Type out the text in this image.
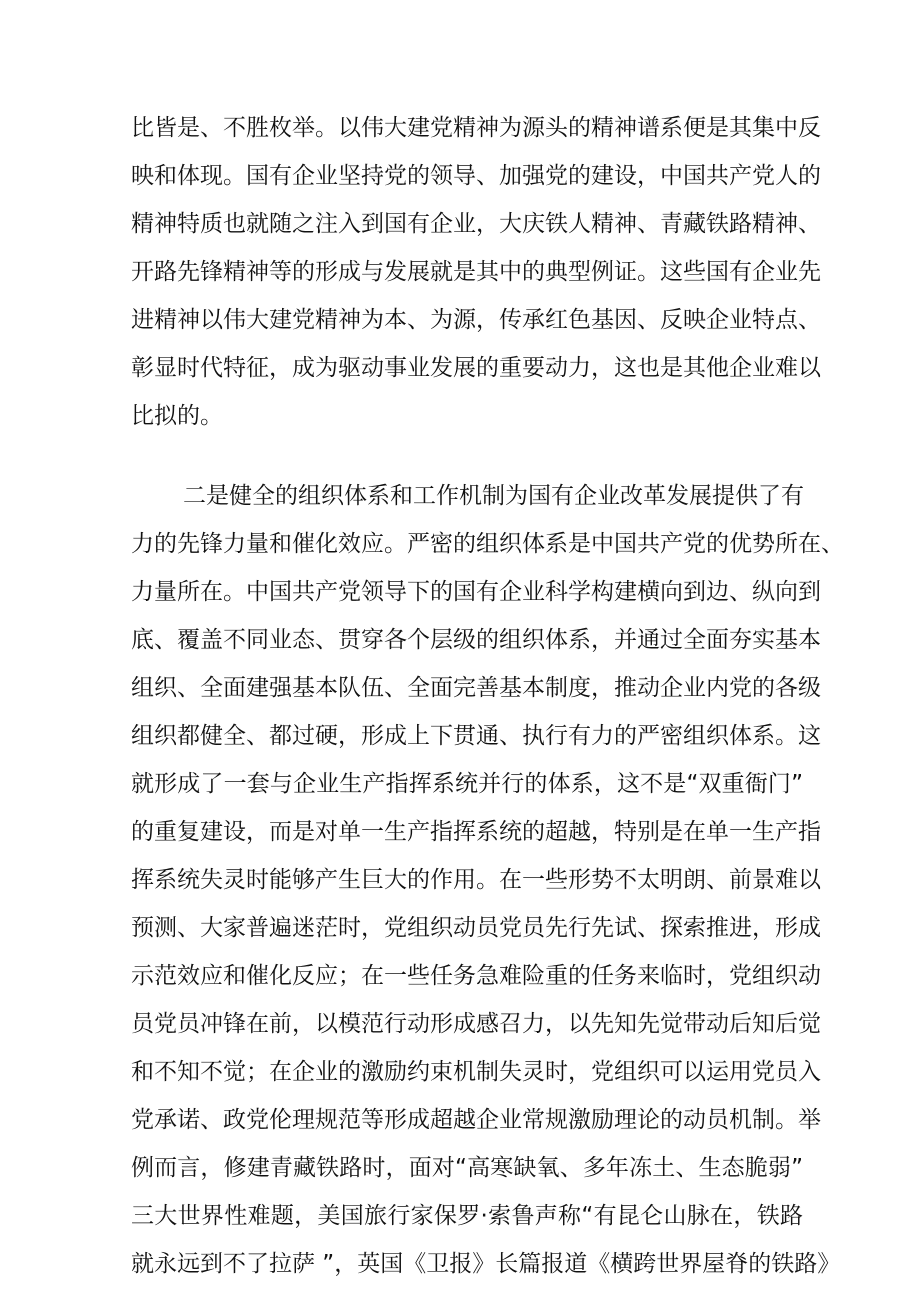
比皆是、不胜枚举。以伟大建党精神为源头的精神谱系便是其集中反

映和体现。国有企业坚持党的领导、加强党的建设，中国共产党人的

精神特质也就随之注入到国有企业，大庆铁人精神、青藏铁路精神、

开路先锋精神等的形成与发展就是其中的典型例证。这些国有企业先

进精神以伟大建党精神为本、为源，传承红色基因、反映企业特点、

彰显时代特征，成为驱动事业发展的重要动力，这也是其他企业难以

比拟的。

二是健全的组织体系和工作机制为国有企业改革发展提供了有

力的先锋力量和催化效应。严密的组织体系是中国共产党的优势所在、

力量所在。中国共产党领导下的国有企业科学构建横向到边、纵向到

底、覆盖不同业态、贯穿各个层级的组织体系，并通过全面夯实基本

组织、全面建强基本队伍、全面完善基本制度，推动企业内党的各级

组织都健全、都过硬，形成上下贯通、执行有力的严密组织体系。这

就形成了一套与企业生产指挥系统并行的体系，这不是“双重衙门”

的重复建设，而是对单一生产指挥系统的超越，特别是在单一生产指

挥系统失灵时能够产生巨大的作用。在一些形势不太明朗、前景难以

预测、大家普遍迷茫时，党组织动员党员先行先试、探索推进，形成

示范效应和催化反应；在一些任务急难险重的任务来临时，党组织动

员党员冲锋在前，以模范行动形成感召力，以先知先觉带动后知后觉

和不知不觉；在企业的激励约束机制失灵时，党组织可以运用党员入

党承诺、政党伦理规范等形成超越企业常规激励理论的动员机制。举

例而言，修建青藏铁路时，面对“高寒缺氧、多年冻土、生态脆弱”

三大世界性难题，美国旅行家保罗·索鲁声称“有昆仑山脉在，铁路

就永远到不了拉萨 ”，英国《卫报》长篇报道《横跨世界屋脊的铁路》
